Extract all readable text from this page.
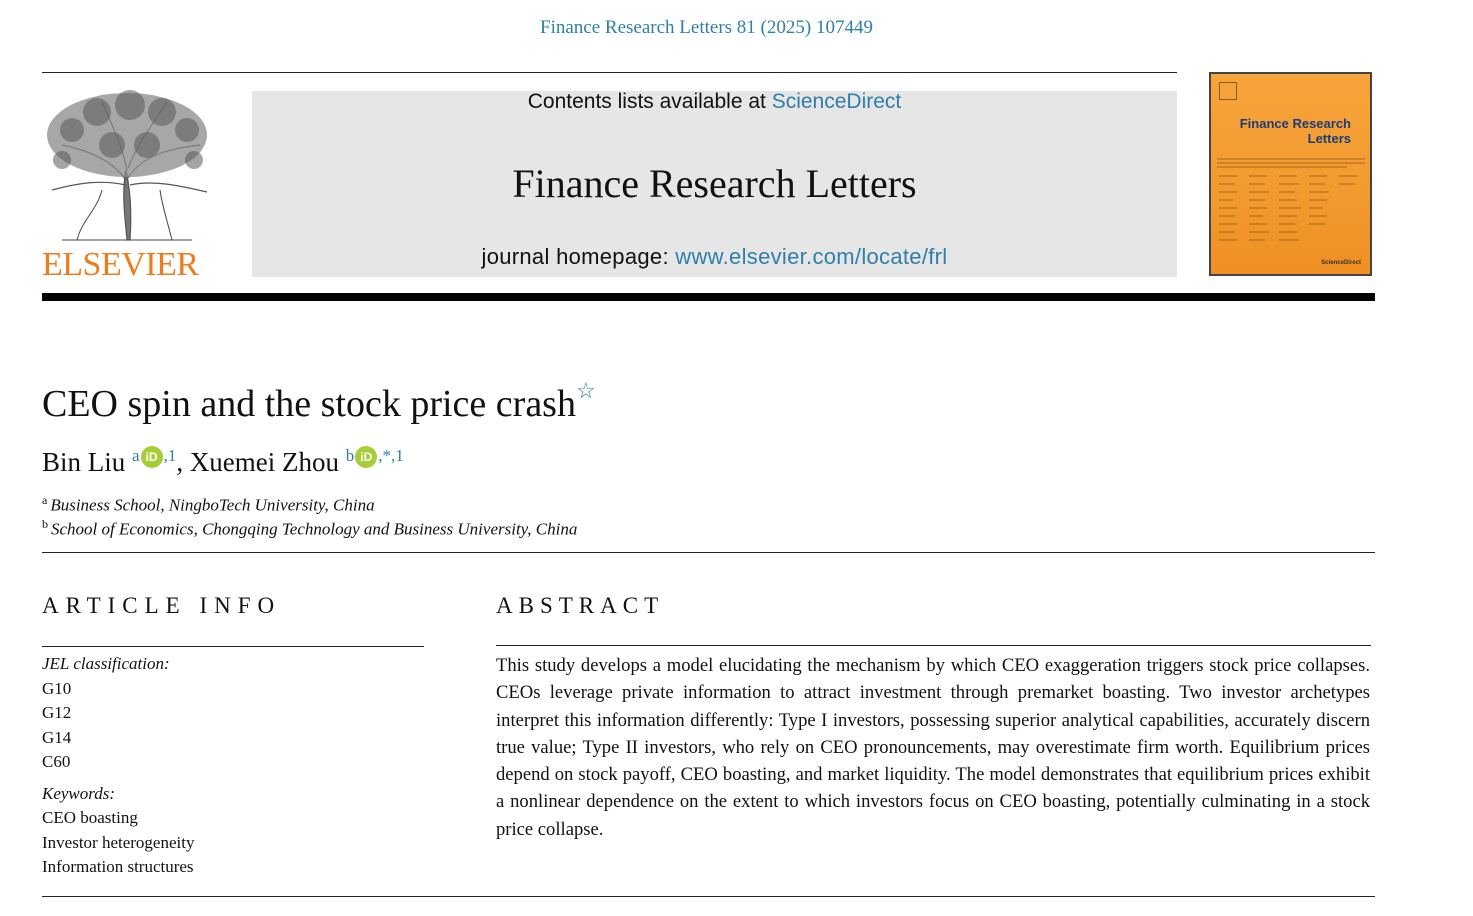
Finance Research Letters 81 (2025) 107449
ELSEVIER
Contents lists available at ScienceDirect
Finance Research Letters
journal homepage: www.elsevier.com/locate/frl
Finance Research
Letters
ScienceDirect
CEO spin and the stock price crash☆
Bin Liu $^a$ iD $^{,1}$, Xuemei Zhou $^b$ iD $^{,*,1}$
$^a$ Business School, NingboTech University, China
$^b$ School of Economics, Chongqing Technology and Business University, China
ARTICLE INFO
JEL classification:
G10
G12
G14
C60
Keywords:
CEO boasting
Investor heterogeneity
Information structures
ABSTRACT
This study develops a model elucidating the mechanism by which CEO exaggeration triggers stock price collapses. CEOs leverage private information to attract investment through premarket boasting. Two investor archetypes interpret this information differently: Type I investors, possessing superior analytical capabilities, accurately discern true value; Type II investors, who rely on CEO pronouncements, may overestimate firm worth. Equilibrium prices depend on stock payoff, CEO boasting, and market liquidity. The model demonstrates that equilibrium prices exhibit a nonlinear dependence on the extent to which investors focus on CEO boasting, potentially culminating in a stock price collapse.
